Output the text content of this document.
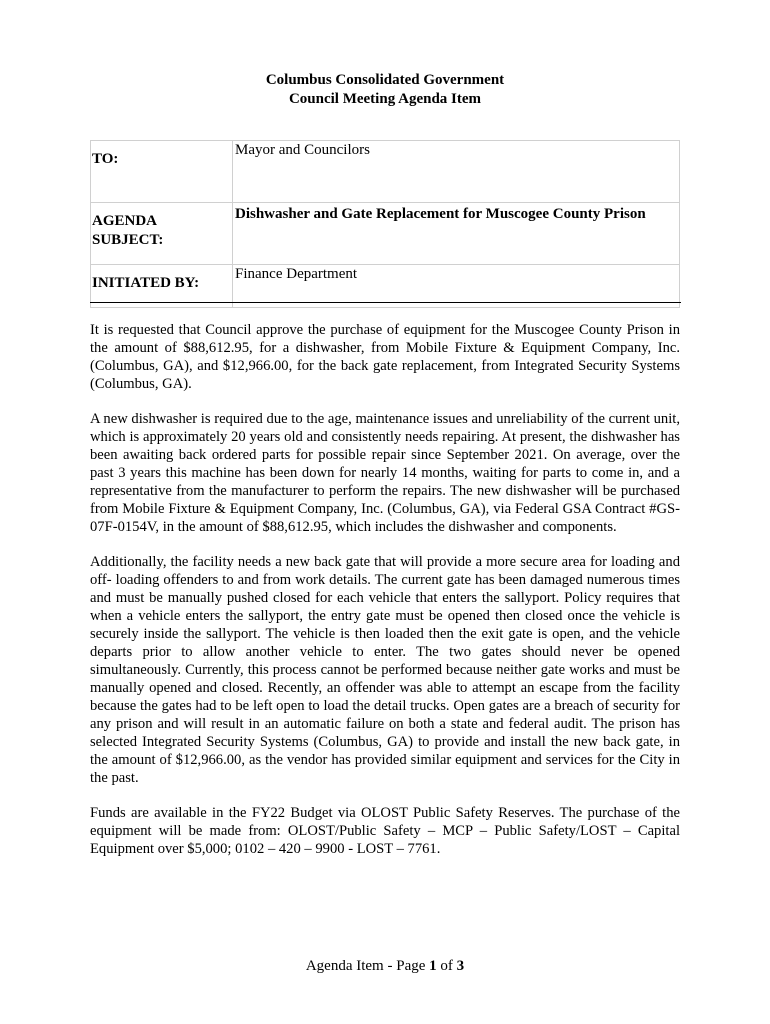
Columbus Consolidated Government
Council Meeting Agenda Item
TO:	Mayor and Councilors

AGENDA
SUBJECT:	Dishwasher and Gate Replacement for Muscogee County Prison
INITIATED BY:	Finance Department

It is requested that Council approve the purchase of equipment for the Muscogee County Prison in the amount of $88,612.95, for a dishwasher, from Mobile Fixture & Equipment Company, Inc. (Columbus, GA), and $12,966.00, for the back gate replacement, from Integrated Security Systems (Columbus, GA).

A new dishwasher is required due to the age, maintenance issues and unreliability of the current unit, which is approximately 20 years old and consistently needs repairing. At present, the dishwasher has been awaiting back ordered parts for possible repair since September 2021. On average, over the past 3 years this machine has been down for nearly 14 months, waiting for parts to come in, and a representative from the manufacturer to perform the repairs. The new dishwasher will be purchased from Mobile Fixture & Equipment Company, Inc. (Columbus, GA), via Federal GSA Contract #GS-07F-0154V, in the amount of $88,612.95, which includes the dishwasher and components.

Additionally, the facility needs a new back gate that will provide a more secure area for loading and off- loading offenders to and from work details. The current gate has been damaged numerous times and must be manually pushed closed for each vehicle that enters the sallyport. Policy requires that when a vehicle enters the sallyport, the entry gate must be opened then closed once the vehicle is securely inside the sallyport. The vehicle is then loaded then the exit gate is open, and the vehicle departs prior to allow another vehicle to enter. The two gates should never be opened simultaneously. Currently, this process cannot be performed because neither gate works and must be manually opened and closed. Recently, an offender was able to attempt an escape from the facility because the gates had to be left open to load the detail trucks. Open gates are a breach of security for any prison and will result in an automatic failure on both a state and federal audit. The prison has selected Integrated Security Systems (Columbus, GA) to provide and install the new back gate, in the amount of $12,966.00, as the vendor has provided similar equipment and services for the City in the past.

Funds are available in the FY22 Budget via OLOST Public Safety Reserves. The purchase of the equipment will be made from: OLOST/Public Safety – MCP – Public Safety/LOST – Capital Equipment over $5,000; 0102 – 420 – 9900 - LOST – 7761.

Agenda Item - Page 1 of 3
